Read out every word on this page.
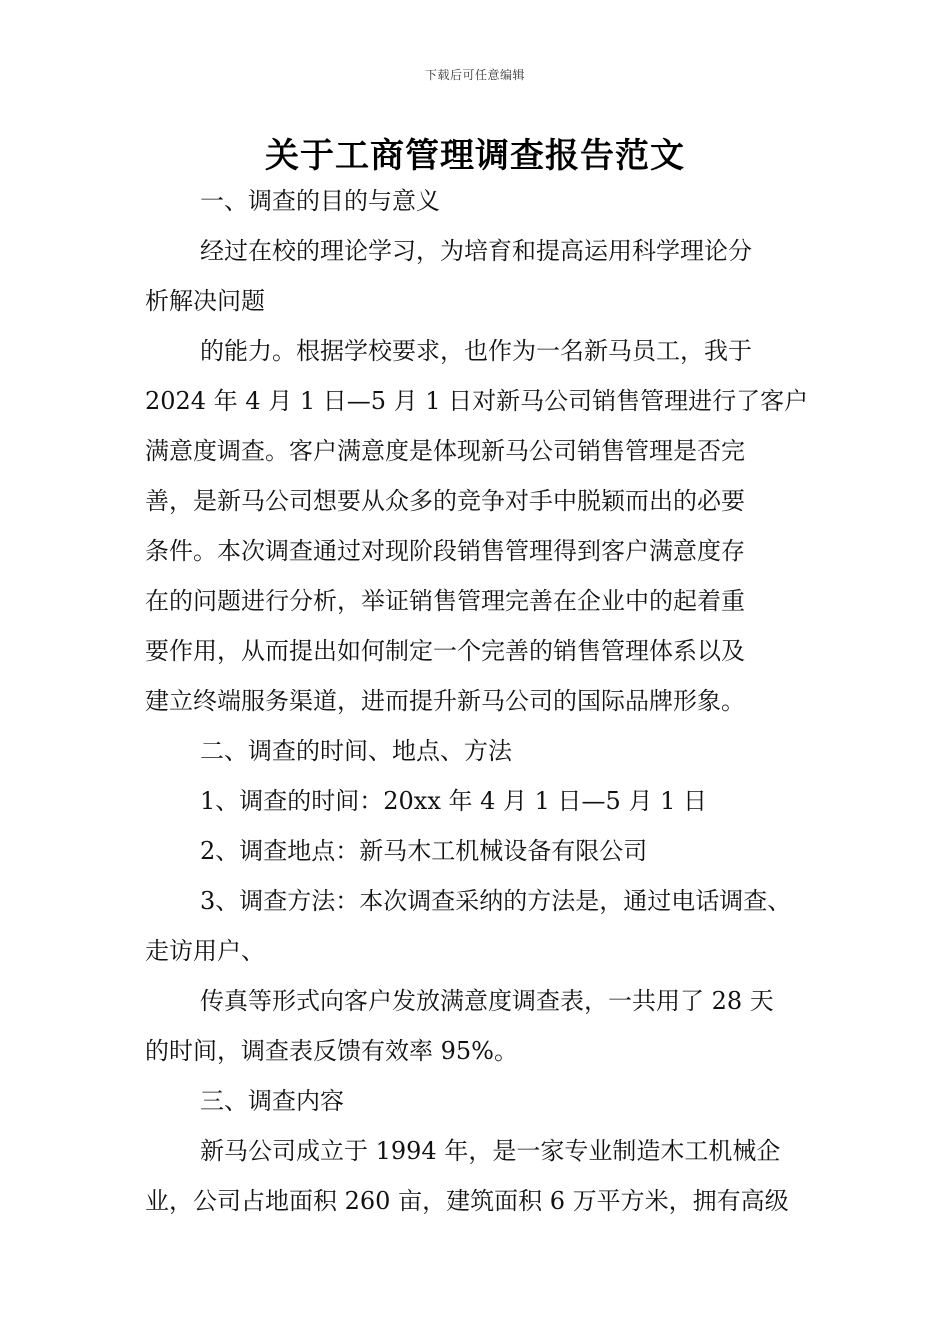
下载后可任意编辑
关于工商管理调查报告范文
一、调查的目的与意义
经过在校的理论学习，为培育和提高运用科学理论分
析解决问题
的能力。根据学校要求，也作为一名新马员工，我于
2024 年 4 月 1 日—5 月 1 日对新马公司销售管理进行了客户
满意度调查。客户满意度是体现新马公司销售管理是否完
善，是新马公司想要从众多的竞争对手中脱颖而出的必要
条件。本次调查通过对现阶段销售管理得到客户满意度存
在的问题进行分析，举证销售管理完善在企业中的起着重
要作用，从而提出如何制定一个完善的销售管理体系以及
建立终端服务渠道，进而提升新马公司的国际品牌形象。
二、调查的时间、地点、方法
1、调查的时间：20xx 年 4 月 1 日—5 月 1 日
2、调查地点：新马木工机械设备有限公司
3、调查方法：本次调查采纳的方法是，通过电话调查、
走访用户、
传真等形式向客户发放满意度调查表，一共用了 28 天
的时间，调查表反馈有效率 95%。
三、调查内容
新马公司成立于 1994 年，是一家专业制造木工机械企
业，公司占地面积 260 亩，建筑面积 6 万平方米，拥有高级
